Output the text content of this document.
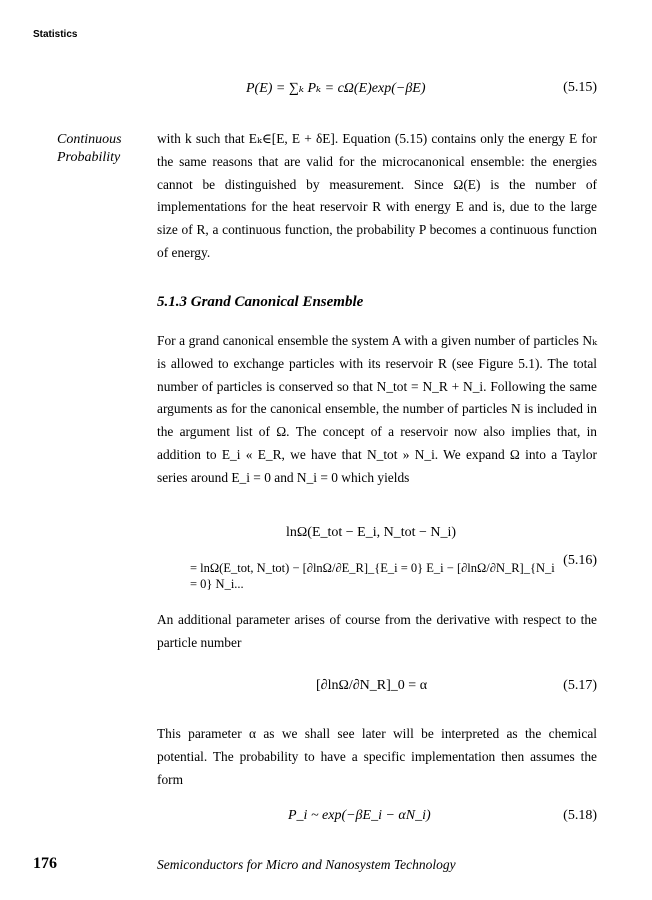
Statistics
P(E) = ∑ₖ Pₖ = cΩ(E)exp(−βE)	(5.15)
Continuous Probability
with k such that Eₖ∈[E, E + δE]. Equation (5.15) contains only the energy E for the same reasons that are valid for the microcanonical ensemble: the energies cannot be distinguished by measurement. Since Ω(E) is the number of implementations for the heat reservoir R with energy E and is, due to the large size of R, a continuous function, the probability P becomes a continuous function of energy.
5.1.3 Grand Canonical Ensemble
For a grand canonical ensemble the system A with a given number of particles Nₖ is allowed to exchange particles with its reservoir R (see Figure 5.1). The total number of particles is conserved so that N_tot = N_R + N_i. Following the same arguments as for the canonical ensemble, the number of particles N is included in the argument list of Ω. The concept of a reservoir now also implies that, in addition to E_i « E_R, we have that N_tot » N_i. We expand Ω into a Taylor series around E_i = 0 and N_i = 0 which yields
lnΩ(E_tot − E_i, N_tot − N_i)
= lnΩ(E_tot, N_tot) − [∂lnΩ/∂E_R]_{E_i = 0} E_i − [∂lnΩ/∂N_R]_{N_i = 0} N_i...
(5.16)
An additional parameter arises of course from the derivative with respect to the particle number
[∂lnΩ/∂N_R]_0 = α	(5.17)
This parameter α as we shall see later will be interpreted as the chemical potential. The probability to have a specific implementation then assumes the form
P_i ~ exp(−βE_i − αN_i)	(5.18)
176	Semiconductors for Micro and Nanosystem Technology
